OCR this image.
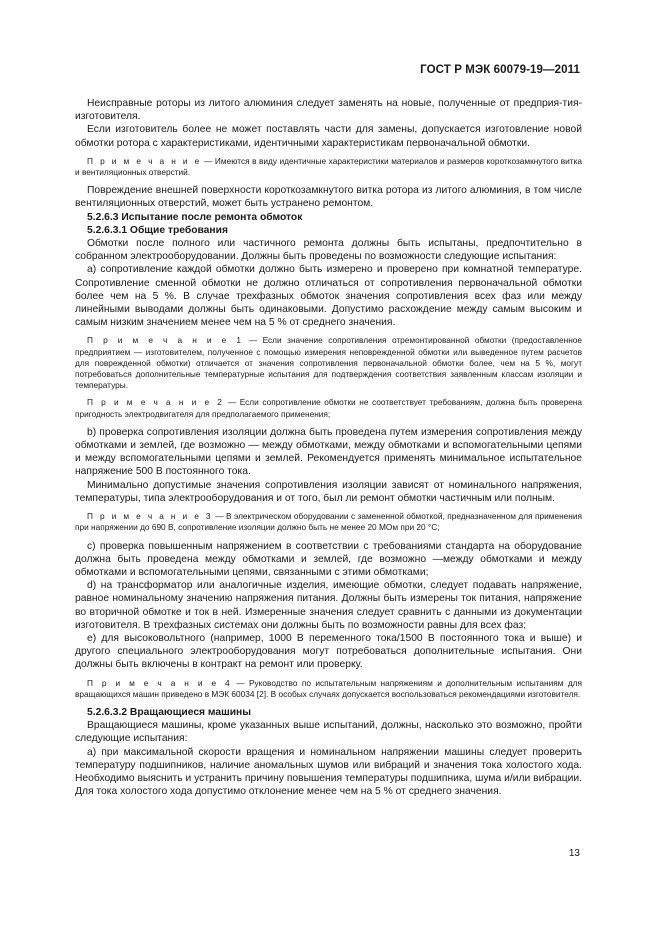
ГОСТ Р МЭК 60079-19—2011

Неисправные роторы из литого алюминия следует заменять на новые, полученные от предприя-тия-изготовителя.

Если изготовитель более не может поставлять части для замены, допускается изготовление новой обмотки ротора с характеристиками, идентичными характеристикам первоначальной обмотки.

П р и м е ч а н и е — Имеются в виду идентичные характеристики материалов и размеров короткозамкнутого витка и вентиляционных отверстий.

Повреждение внешней поверхности короткозамкнутого витка ротора из литого алюминия, в том числе вентиляционных отверстий, может быть устранено ремонтом.

5.2.6.3 Испытание после ремонта обмоток

5.2.6.3.1 Общие требования

Обмотки после полного или частичного ремонта должны быть испытаны, предпочтительно в собранном электрооборудовании. Должны быть проведены по возможности следующие испытания:

а) сопротивление каждой обмотки должно быть измерено и проверено при комнатной температуре. Сопротивление сменной обмотки не должно отличаться от сопротивления первоначальной обмотки более чем на 5 %. В случае трехфазных обмоток значения сопротивления всех фаз или между линейными выводами должны быть одинаковыми. Допустимо расхождение между самым высоким и самым низким значением менее чем на 5 % от среднего значения.

П р и м е ч а н и е 1 — Если значение сопротивления отремонтированной обмотки (предоставленное предприятием — изготовителем, полученное с помощью измерения неповрежденной обмотки или выведенное путем расчетов для поврежденной обмотки) отличается от значения сопротивления первоначальной обмотки более, чем на 5 %, могут потребоваться дополнительные температурные испытания для подтверждения соответствия заявленным классам изоляции и температуры.

П р и м е ч а н и е 2 — Если сопротивление обмотки не соответствует требованиям, должна быть проверена пригодность электродвигателя для предполагаемого применения;

b) проверка сопротивления изоляции должна быть проведена путем измерения сопротивления между обмотками и землей, где возможно — между обмотками, между обмотками и вспомогательными цепями и между вспомогательными цепями и землей. Рекомендуется применять минимальное испытательное напряжение 500 В постоянного тока.

Минимально допустимые значения сопротивления изоляции зависят от номинального напряжения, температуры, типа электрооборудования и от того, был ли ремонт обмотки частичным или полным.

П р и м е ч а н и е 3 — В электрическом оборудовании с замененной обмоткой, предназначенном для применения при напряжении до 690 В, сопротивление изоляции должно быть не менее 20 МОм при 20 °С;

с) проверка повышенным напряжением в соответствии с требованиями стандарта на оборудование должна быть проведена между обмотками и землей, где возможно —между обмотками и между обмотками и вспомогательными цепями, связанными с этими обмотками;

d) на трансформатор или аналогичные изделия, имеющие обмотки, следует подавать напряжение, равное номинальному значению напряжения питания. Должны быть измерены ток питания, напряжение во вторичной обмотке и ток в ней. Измеренные значения следует сравнить с данными из документации изготовителя. В трехфазных системах они должны быть по возможности равны для всех фаз;

е) для высоковольтного (например, 1000 В переменного тока/1500 В постоянного тока и выше) и другого специального электрооборудования могут потребоваться дополнительные испытания. Они должны быть включены в контракт на ремонт или проверку.

П р и м е ч а н и е 4 — Руководство по испытательным напряжениям и дополнительным испытаниям для вращающихся машин приведено в МЭК 60034 [2]. В особых случаях допускается воспользоваться рекомендациями изготовителя.

5.2.6.3.2 Вращающиеся машины

Вращающиеся машины, кроме указанных выше испытаний, должны, насколько это возможно, пройти следующие испытания:

а) при максимальной скорости вращения и номинальном напряжении машины следует проверить температуру подшипников, наличие аномальных шумов или вибраций и значения тока холостого хода. Необходимо выяснить и устранить причину повышения температуры подшипника, шума и/или вибрации. Для тока холостого хода допустимо отклонение менее чем на 5 % от среднего значения.

13
